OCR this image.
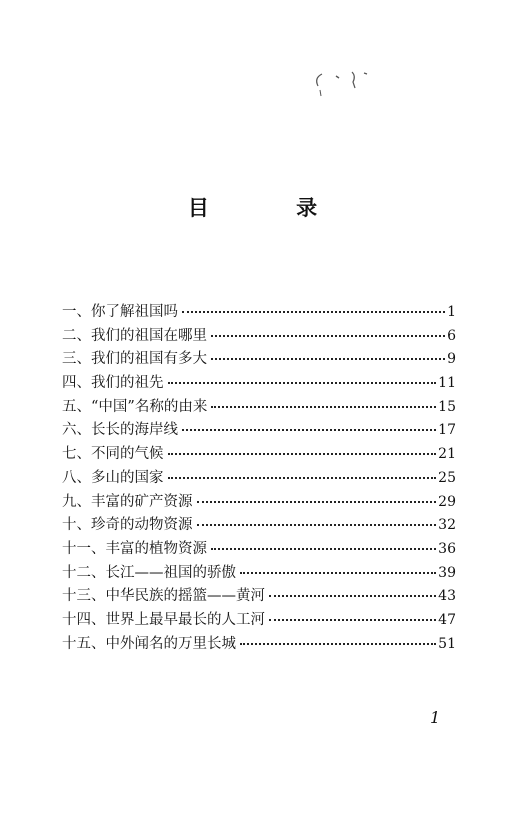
目 录
一、你了解祖国吗	1
二、我们的祖国在哪里	6
三、我们的祖国有多大	9
四、我们的祖先	11
五、“中国”名称的由来	15
六、长长的海岸线	17
七、不同的气候	21
八、多山的国家	25
九、丰富的矿产资源	29
十、珍奇的动物资源	32
十一、丰富的植物资源	36
十二、长江——祖国的骄傲	39
十三、中华民族的摇篮——黄河	43
十四、世界上最早最长的人工河	47
十五、中外闻名的万里长城	51
1
